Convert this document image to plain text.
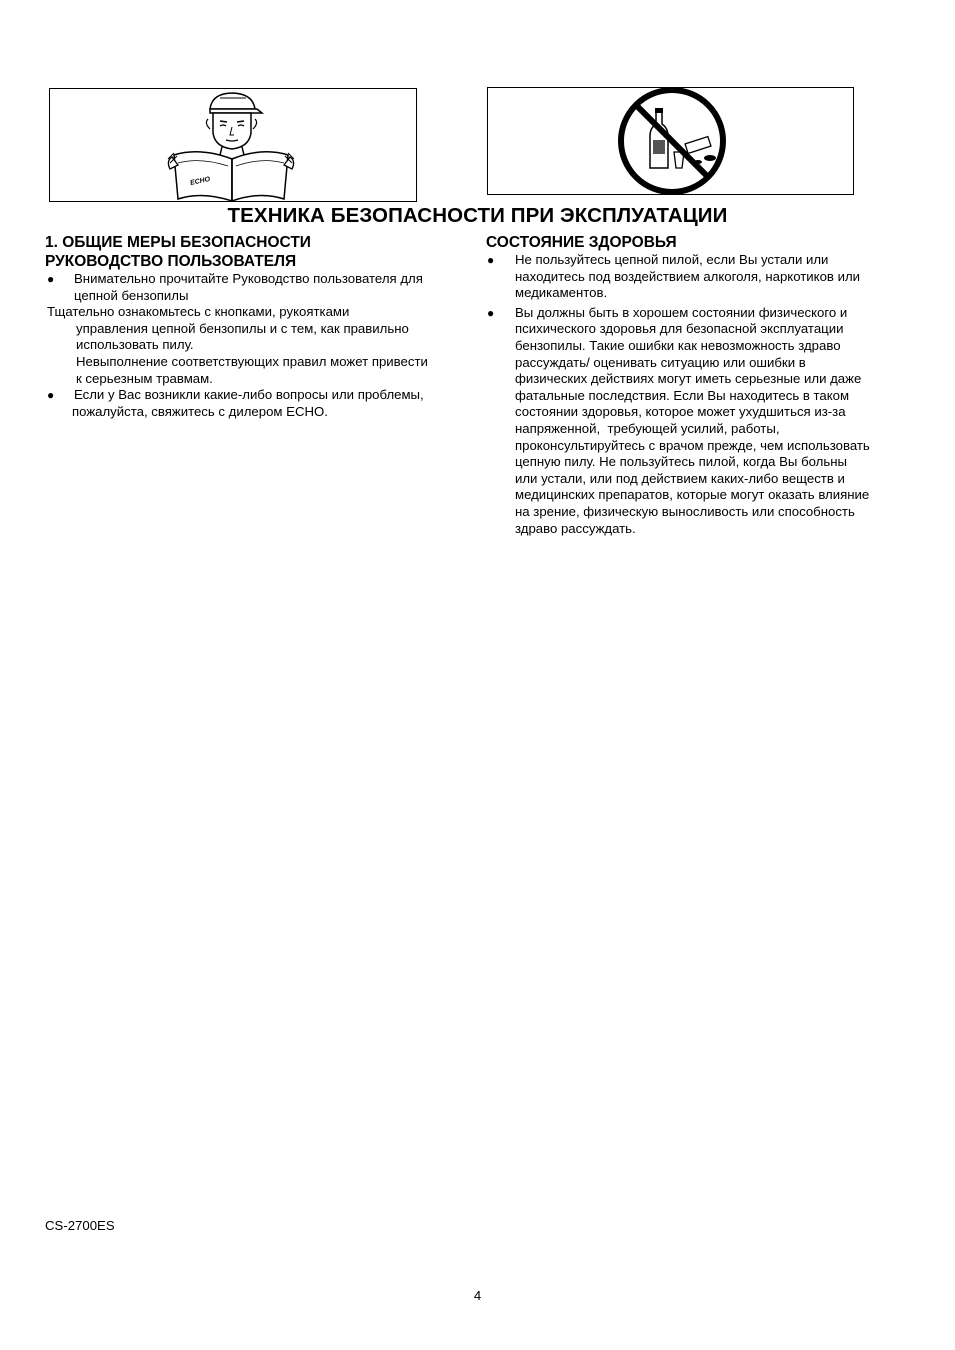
ECHO
ТЕХНИКА БЕЗОПАСНОСТИ ПРИ ЭКСПЛУАТАЦИИ
1. ОБЩИЕ МЕРЫ БЕЗОПАСНОСТИ
РУКОВОДСТВО ПОЛЬЗОВАТЕЛЯ
● Внимательно прочитайте Руководство пользователя для
цепной бензопилы
Тщательно ознакомьтесь с кнопками, рукоятками
управления цепной бензопилы и с тем, как правильно
использовать пилу.
Невыполнение соответствующих правил может привести
к серьезным травмам.
● Если у Вас возникли какие-либо вопросы или проблемы,
пожалуйста, свяжитесь с дилером ECHO.
СОСТОЯНИЕ ЗДОРОВЬЯ
● Не пользуйтесь цепной пилой, если Вы устали или
находитесь под воздействием алкоголя, наркотиков или
медикаментов.
● Вы должны быть в хорошем состоянии физического и
психического здоровья для безопасной эксплуатации
бензопилы. Такие ошибки как невозможность здраво
рассуждать/ оценивать ситуацию или ошибки в
физических действиях могут иметь серьезные или даже
фатальные последствия. Если Вы находитесь в таком
состоянии здоровья, которое может ухудшиться из-за
напряженной,  требующей усилий, работы,
проконсультируйтесь с врачом прежде, чем использовать
цепную пилу. Не пользуйтесь пилой, когда Вы больны
или устали, или под действием каких-либо веществ и
медицинских препаратов, которые могут оказать влияние
на зрение, физическую выносливость или способность
здраво рассуждать.
CS-2700ES
4
